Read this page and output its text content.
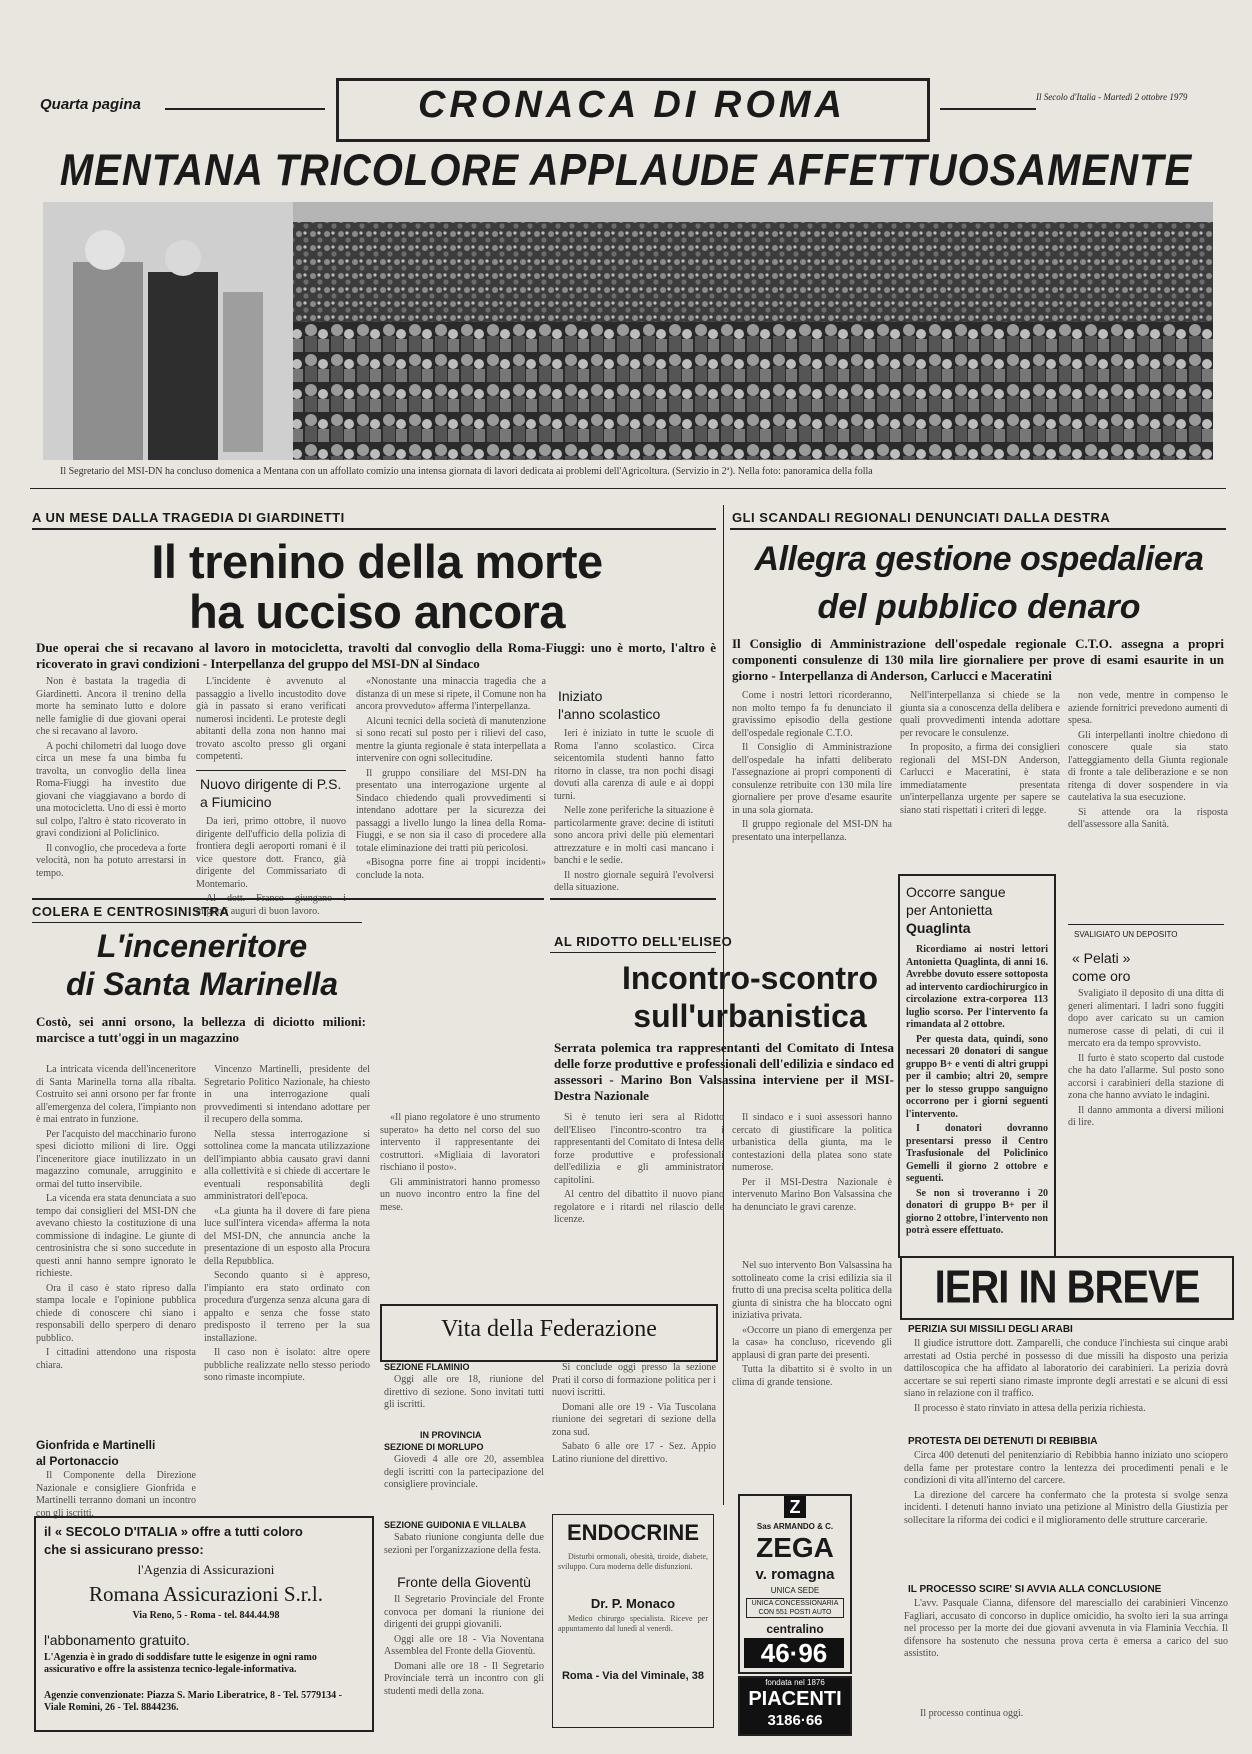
Quarta pagina	CRONACA DI ROMA	Il Secolo d'Italia - Martedì 2 ottobre 1979
MENTANA TRICOLORE APPLAUDE AFFETTUOSAMENTE
Il Segretario del MSI-DN ha concluso domenica a Mentana con un affollato comizio una intensa giornata di lavori dedicata ai problemi dell'Agricoltura. (Servizio in 2ª). Nella foto: panoramica della folla
A UN MESE DALLA TRAGEDIA DI GIARDINETTI
Il trenino della morte
ha ucciso ancora
Due operai che si recavano al lavoro in motocicletta, travolti dal convoglio della Roma-Fiuggi: uno è morto, l'altro è ricoverato in gravi condizioni - Interpellanza del gruppo del MSI-DN al Sindaco

Non è bastata la tragedia di Giardinetti. Ancora il trenino della morte ha seminato lutto e dolore nelle famiglie di due giovani operai che si recavano al lavoro.

A pochi chilometri dal luogo dove circa un mese fa una bimba fu travolta, un convoglio della linea Roma-Fiuggi ha investito due giovani che viaggiavano a bordo di una motocicletta. Uno di essi è morto sul colpo, l'altro è stato ricoverato in gravi condizioni al Policlinico.

Il convoglio, che procedeva a forte velocità, non ha potuto arrestarsi in tempo.

L'incidente è avvenuto al passaggio a livello incustodito dove già in passato si erano verificati numerosi incidenti. Le proteste degli abitanti della zona non hanno mai trovato ascolto presso gli organi competenti.

Nuovo dirigente di P.S.
a Fiumicino

Da ieri, primo ottobre, il nuovo dirigente dell'ufficio della polizia di frontiera degli aeroporti romani è il vice questore dott. Franco, già dirigente del Commissariato di Montemario.

migliori auguri di buon lavoro.

«Nonostante una minaccia tragedia che a distanza di un mese si ripete, il Comune non ha ancora provveduto» afferma l'interpellanza.

Alcuni tecnici della società di manutenzione si sono recati sul posto per i rilievi del caso, mentre la giunta regionale è stata interpellata a intervenire con ogni sollecitudine.

Il gruppo consiliare del MSI-DN ha presentato una interrogazione urgente al Sindaco chiedendo quali provvedimenti si intendano adottare per la sicurezza dei passaggi a livello lungo la linea della Roma-Fiuggi, e se non sia il caso di procedere alla totale eliminazione dei tratti più pericolosi.

«Bisogna porre fine ai troppi incidenti» conclude la nota.

Iniziato
l'anno scolastico

Ieri è iniziato in tutte le scuole di Roma l'anno scolastico. Circa seicentomila studenti hanno fatto ritorno in classe, tra non pochi disagi dovuti alla carenza di aule e ai doppi turni.

Nelle zone periferiche la situazione è particolarmente grave: decine di istituti sono ancora privi delle più elementari attrezzature e in molti casi mancano i banchi e le sedie.

Il nostro giornale seguirà l'evolversi della situazione.

COLERA E CENTROSINISTRA
L'inceneritore
di Santa Marinella
Costò, sei anni orsono, la bellezza di diciotto milioni: marcisce a tutt'oggi in un magazzino

La intricata vicenda dell'inceneritore di Santa Marinella torna alla ribalta. Costruito sei anni orsono per far fronte all'emergenza del colera, l'impianto non è mai entrato in funzione.

Per l'acquisto del macchinario furono spesi diciotto milioni di lire. Oggi l'inceneritore giace inutilizzato in un magazzino comunale, arrugginito e ormai del tutto inservibile.

La vicenda era stata denunciata a suo tempo dai consiglieri del MSI-DN che avevano chiesto la costituzione di una commissione di indagine. Le giunte di centrosinistra che si sono succedute in questi anni hanno sempre ignorato le richieste.

Ora il caso è stato ripreso dalla stampa locale e l'opinione pubblica chiede di conoscere chi siano i responsabili dello sperpero di denaro pubblico.

I cittadini attendono una risposta chiara.

Vincenzo Martinelli, presidente del Segretario Politico Nazionale, ha chiesto in una interrogazione quali provvedimenti si intendano adottare per il recupero della somma.

Nella stessa interrogazione si sottolinea come la mancata utilizzazione dell'impianto abbia causato gravi danni alla collettività e si chiede di accertare le eventuali responsabilità degli amministratori dell'epoca.

«La giunta ha il dovere di fare piena luce sull'intera vicenda» afferma la nota del MSI-DN, che annuncia anche la presentazione di un esposto alla Procura della Repubblica.

Secondo quanto si è appreso, l'impianto era stato ordinato con procedura d'urgenza senza alcuna gara di appalto e senza che fosse stato predisposto il terreno per la sua installazione.

Il caso non è isolato: altre opere pubbliche realizzate nello stesso periodo sono rimaste incompiute.

Gionfrida e Martinelli
al Portonaccio

Il Componente della Direzione Nazionale e consigliere Gionfrida e Martinelli terranno domani un incontro con gli iscritti.

il « SECOLO D'ITALIA » offre a tutti coloro
che si assicurano presso:
l'Agenzia di Assicurazioni
Romana Assicurazioni S.r.l.
Via Reno, 5 - Roma - tel. 844.44.98
l'abbonamento gratuito.
L'Agenzia è in grado di soddisfare tutte le esigenze in ogni ramo assicurativo e offre la assistenza tecnico-legale-informativa.
Agenzie convenzionate: Piazza S. Mario Liberatrice, 8 - Tel. 5779134 - Viale Romini, 26 - Tel. 8844236.
AL RIDOTTO DELL'ELISEO
Incontro-scontro
sull'urbanistica
Serrata polemica tra rappresentanti del Comitato di Intesa delle forze produttive e professionali dell'edilizia e sindaco ed assessori - Marino Bon Valsassina interviene per il MSI-Destra Nazionale

Si è tenuto ieri sera al Ridotto dell'Eliseo l'incontro-scontro tra i rappresentanti del Comitato di Intesa delle forze produttive e professionali dell'edilizia e gli amministratori capitolini.

Al centro del dibattito il nuovo piano regolatore e i ritardi nel rilascio delle licenze.

Il sindaco e i suoi assessori hanno cercato di giustificare la politica urbanistica della giunta, ma le contestazioni della platea sono state numerose.

Per il MSI-Destra Nazionale è intervenuto Marino Bon Valsassina che ha denunciato le gravi carenze.

Vita della Federazione

«Il piano regolatore è uno strumento superato» ha detto nel corso del suo intervento il rappresentante dei costruttori. «Migliaia di lavoratori rischiano il posto».

Gli amministratori hanno promesso un nuovo incontro entro la fine del mese.

Nel suo intervento Bon Valsassina ha sottolineato come la crisi edilizia sia il frutto di una precisa scelta politica della giunta di sinistra che ha bloccato ogni iniziativa privata.

«Occorre un piano di emergenza per la casa» ha concluso, ricevendo gli applausi di gran parte dei presenti.

Tutta la dibattito si è svolto in un clima di grande tensione.

SEZIONE FLAMINIO

Oggi alle ore 18, riunione del direttivo di sezione. Sono invitati tutti gli iscritti.

IN PROVINCIA
SEZIONE DI MORLUPO

Giovedì 4 alle ore 20, assemblea degli iscritti con la partecipazione del consigliere provinciale.

SEZIONE GUIDONIA E VILLALBA

Sabato riunione congiunta delle due sezioni per l'organizzazione della festa.

Fronte della Gioventù

Il Segretario Provinciale del Fronte convoca per domani la riunione dei dirigenti dei gruppi giovanili.

Oggi alle ore 18 - Via Noventana Assemblea del Fronte della Gioventù.

Domani alle ore 18 - Il Segretario Provinciale terrà un incontro con gli studenti medi della zona.

Si conclude oggi presso la sezione Prati il corso di formazione politica per i nuovi iscritti.

Domani alle ore 19 - Via Tuscolana riunione dei segretari di sezione della zona sud.

Sabato 6 alle ore 17 - Sez. Appio Latino riunione del direttivo.

ENDOCRINE

Disturbi ormonali, obesità, tiroide, diabete, sviluppo. Cura moderna delle disfunzioni.

Dr. P. Monaco

Medico chirurgo specialista. Riceve per appuntamento dal lunedì al venerdì.

Roma - Via del Viminale, 38
GLI SCANDALI REGIONALI DENUNCIATI DALLA DESTRA
Allegra gestione ospedaliera
del pubblico denaro
Il Consiglio di Amministrazione dell'ospedale regionale C.T.O. assegna a propri componenti consulenze di 130 mila lire giornaliere per prove di esami esaurite in un giorno - Interpellanza di Anderson, Carlucci e Maceratini

Come i nostri lettori ricorderanno, non molto tempo fa fu denunciato il gravissimo episodio della gestione dell'ospedale regionale C.T.O.

Il Consiglio di Amministrazione dell'ospedale ha infatti deliberato l'assegnazione ai propri componenti di consulenze retribuite con 130 mila lire giornaliere per prove d'esame esaurite in una sola giornata.

Il gruppo regionale del MSI-DN ha presentato una interpellanza.

Nell'interpellanza si chiede se la giunta sia a conoscenza della delibera e quali provvedimenti intenda adottare per revocare le consulenze.

In proposito, a firma dei consiglieri regionali del MSI-DN Anderson, Carlucci e Maceratini, è stata immediatamente presentata un'interpellanza urgente per sapere se siano stati rispettati i criteri di legge.

non vede, mentre in compenso le aziende fornitrici prevedono aumenti di spesa.

Gli interpellanti inoltre chiedono di conoscere quale sia stato l'atteggiamento della Giunta regionale di fronte a tale deliberazione e se non ritenga di dover sospendere in via cautelativa la sua esecuzione.

Si attende ora la risposta dell'assessore alla Sanità.

Occorre sangue
per Antonietta
Quaglinta

Ricordiamo ai nostri lettori Antonietta Quaglinta, di anni 16. Avrebbe dovuto essere sottoposta ad intervento cardiochirurgico in circolazione extra-corporea 113 luglio scorso. Per l'intervento fa rimandata al 2 ottobre.

Per questa data, quindi, sono necessari 20 donatori di sangue gruppo B+ e venti di altri gruppi per il cambio; altri 20, sempre per lo stesso gruppo sanguigno occorrono per i giorni seguenti l'intervento.

I donatori dovranno presentarsi presso il Centro Trasfusionale del Policlinico Gemelli il giorno 2 ottobre e seguenti.

Se non si troveranno i 20 donatori di gruppo B+ per il giorno 2 ottobre, l'intervento non potrà essere effettuato.

SVALIGIATO UN DEPOSITO
« Pelati »
come oro

Svaligiato il deposito di una ditta di generi alimentari. I ladri sono fuggiti dopo aver caricato su un camion numerose casse di pelati, di cui il mercato era da tempo sprovvisto.

Il furto è stato scoperto dal custode che ha dato l'allarme. Sul posto sono accorsi i carabinieri della stazione di zona che hanno avviato le indagini.

Il danno ammonta a diversi milioni di lire.

IERI IN BREVE
PERIZIA SUI MISSILI DEGLI ARABI

Il giudice istruttore dott. Zamparelli, che conduce l'inchiesta sui cinque arabi arrestati ad Ostia perché in possesso di due missili ha disposto una perizia dattiloscopica che ha affidato al laboratorio dei carabinieri. La perizia dovrà accertare se sui reperti siano rimaste impronte degli arrestati e se alcuni di essi siano in relazione con il traffico.

Il processo è stato rinviato in attesa della perizia richiesta.

PROTESTA DEI DETENUTI DI REBIBBIA

Circa 400 detenuti del penitenziario di Rebibbia hanno iniziato uno sciopero della fame per protestare contro la lentezza dei procedimenti penali e le condizioni di vita all'interno del carcere.

La direzione del carcere ha confermato che la protesta si svolge senza incidenti. I detenuti hanno inviato una petizione al Ministro della Giustizia per sollecitare la riforma dei codici e il miglioramento delle strutture carcerarie.

IL PROCESSO SCIRE' SI AVVIA ALLA CONCLUSIONE

L'avv. Pasquale Cianna, difensore del maresciallo dei carabinieri Vincenzo Fagliari, accusato di concorso in duplice omicidio, ha svolto ieri la sua arringa nel processo per la morte dei due giovani avvenuta in via Flaminia Vecchia. Il difensore ha sostenuto che nessuna prova certa è emersa a carico del suo assistito.

Il processo continua oggi.
Z
Sas ARMANDO & C.
ZEGA
v. romagna
UNICA SEDE
UNICA CONCESSIONARIA CON 551 POSTI AUTO
centralino
46·96
fondata nel 1876
PIACENTI
3186·66
